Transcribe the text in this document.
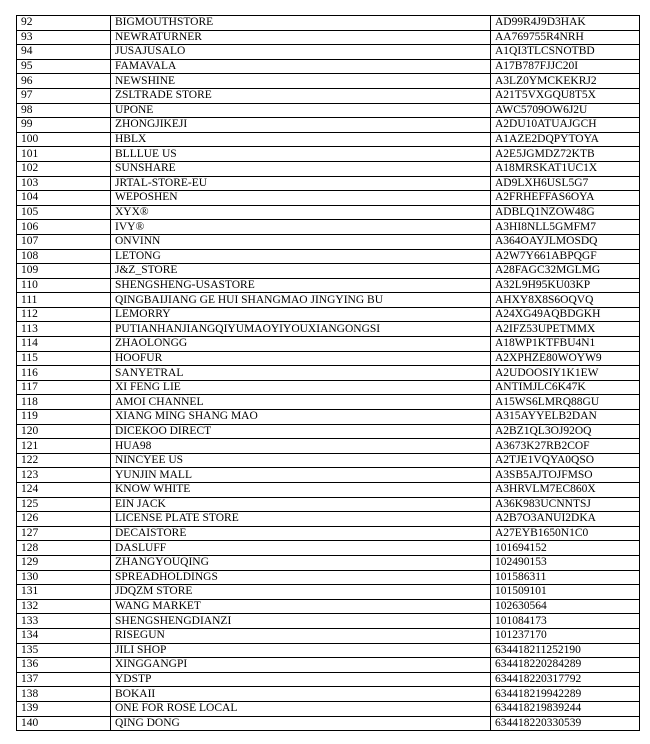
92	BIGMOUTHSTORE	AD99R4J9D3HAK
93	NEWRATURNER	AA769755R4NRH
94	JUSAJUSALO	A1QI3TLCSNOTBD
95	FAMAVALA	A17B787FJJC20I
96	NEWSHINE	A3LZ0YMCKEKRJ2
97	ZSLTRADE STORE	A21T5VXGQU8T5X
98	UPONE	AWC5709OW6J2U
99	ZHONGJIKEJI	A2DU10ATUAJGCH
100	HBLX	A1AZE2DQPYTOYA
101	BLLLUE US	A2E5JGMDZ72KTB
102	SUNSHARE	A18MRSKAT1UC1X
103	JRTAL-STORE-EU	AD9LXH6USL5G7
104	WEPOSHEN	A2FRHEFFAS6OYA
105	XYX®	ADBLQ1NZOW48G
106	IVY®	A3HI8NLL5GMFM7
107	ONVINN	A364OAYJLMOSDQ
108	LETONG	A2W7Y661ABPQGF
109	J&Z_STORE	A28FAGC32MGLMG
110	SHENGSHENG-USASTORE	A32L9H95KU03KP
111	QINGBAIJIANG GE HUI SHANGMAO JINGYING BU	AHXY8X8S6OQVQ
112	LEMORRY	A24XG49AQBDGKH
113	PUTIANHANJIANGQIYUMAOYIYOUXIANGONGSI	A2IFZ53UPETMMX
114	ZHAOLONGG	A18WP1KTFBU4N1
115	HOOFUR	A2XPHZE80WOYW9
116	SANYETRAL	A2UDOOSIY1K1EW
117	XI FENG LIE	ANTIMJLC6K47K
118	AMOI CHANNEL	A15WS6LMRQ88GU
119	XIANG MING SHANG MAO	A315AYYELB2DAN
120	DICEKOO DIRECT	A2BZ1QL3OJ92OQ
121	HUA98	A3673K27RB2COF
122	NINCYEE US	A2TJE1VQYA0QSO
123	YUNJIN MALL	A3SB5AJTOJFMSO
124	KNOW WHITE	A3HRVLM7EC860X
125	EIN JACK	A36K983UCNNTSJ
126	LICENSE PLATE STORE	A2B7O3ANUI2DKA
127	DECAISTORE	A27EYB1650N1C0
128	DASLUFF	101694152
129	ZHANGYOUQING	102490153
130	SPREADHOLDINGS	101586311
131	JDQZM STORE	101509101
132	WANG MARKET	102630564
133	SHENGSHENGDIANZI	101084173
134	RISEGUN	101237170
135	JILI SHOP	634418211252190
136	XINGGANGPI	634418220284289
137	YDSTP	634418220317792
138	BOKAII	634418219942289
139	ONE FOR ROSE LOCAL	634418219839244
140	QING DONG	634418220330539
